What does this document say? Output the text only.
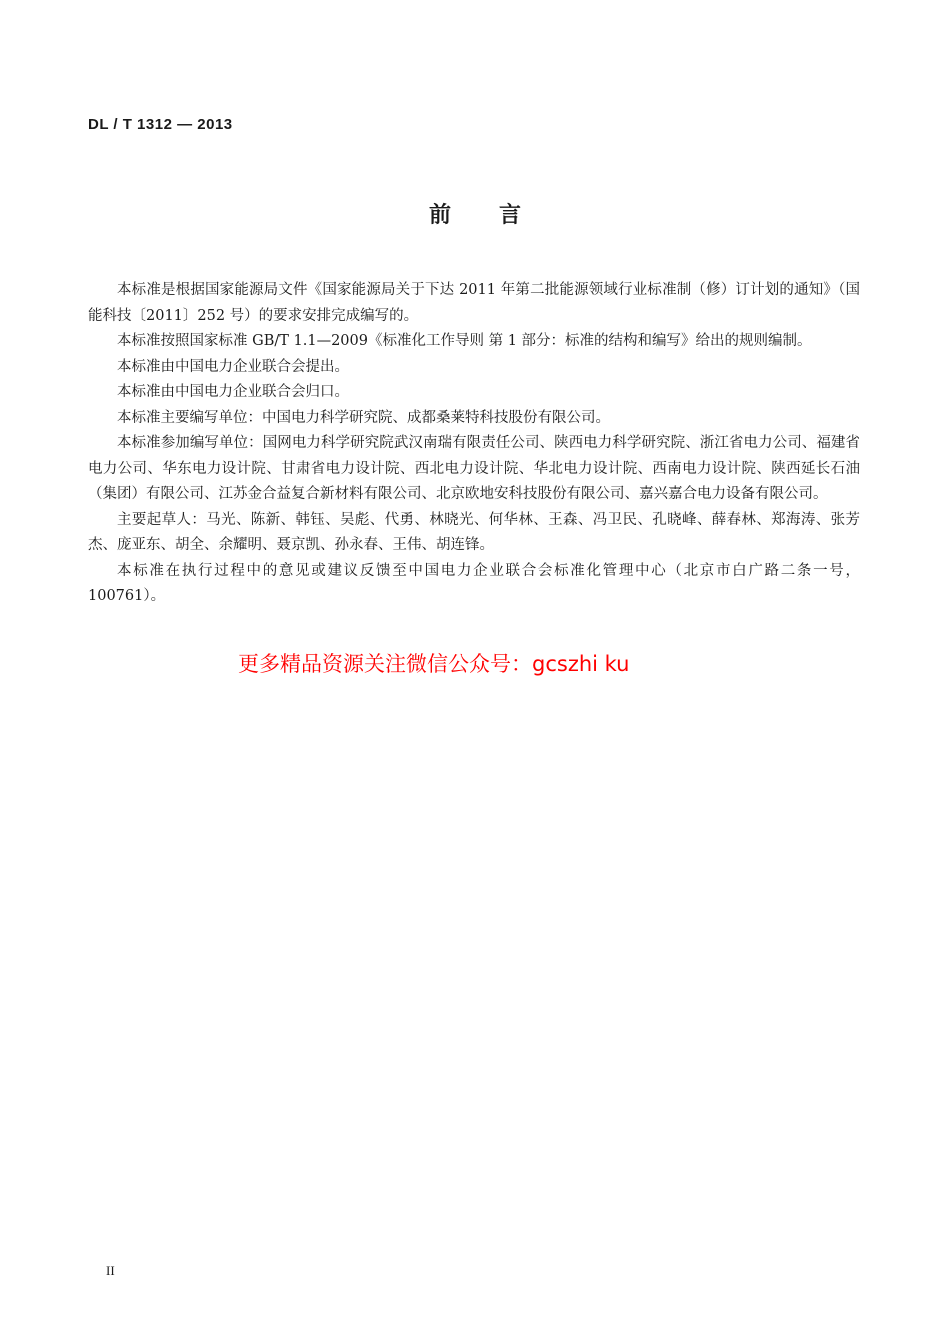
DL / T 1312 — 2013
前言

本标准是根据国家能源局文件《国家能源局关于下达 2011 年第二批能源领域行业标准制（修）订计划的通知》（国能科技〔2011〕252 号）的要求安排完成编写的。

本标准按照国家标准 GB/T 1.1—2009《标准化工作导则 第 1 部分：标准的结构和编写》给出的规则编制。

本标准由中国电力企业联合会提出。

本标准由中国电力企业联合会归口。

本标准主要编写单位：中国电力科学研究院、成都桑莱特科技股份有限公司。

本标准参加编写单位：国网电力科学研究院武汉南瑞有限责任公司、陕西电力科学研究院、浙江省电力公司、福建省电力公司、华东电力设计院、甘肃省电力设计院、西北电力设计院、华北电力设计院、西南电力设计院、陕西延长石油（集团）有限公司、江苏金合益复合新材料有限公司、北京欧地安科技股份有限公司、嘉兴嘉合电力设备有限公司。

主要起草人：马光、陈新、韩钰、吴彪、代勇、林晓光、何华林、王森、冯卫民、孔晓峰、薛春林、郑海涛、张芳杰、庞亚东、胡全、余耀明、聂京凯、孙永春、王伟、胡连锋。

本标准在执行过程中的意见或建议反馈至中国电力企业联合会标准化管理中心（北京市白广路二条一号，100761）。

更多精品资源关注微信公众号：gcszhi ku
II
